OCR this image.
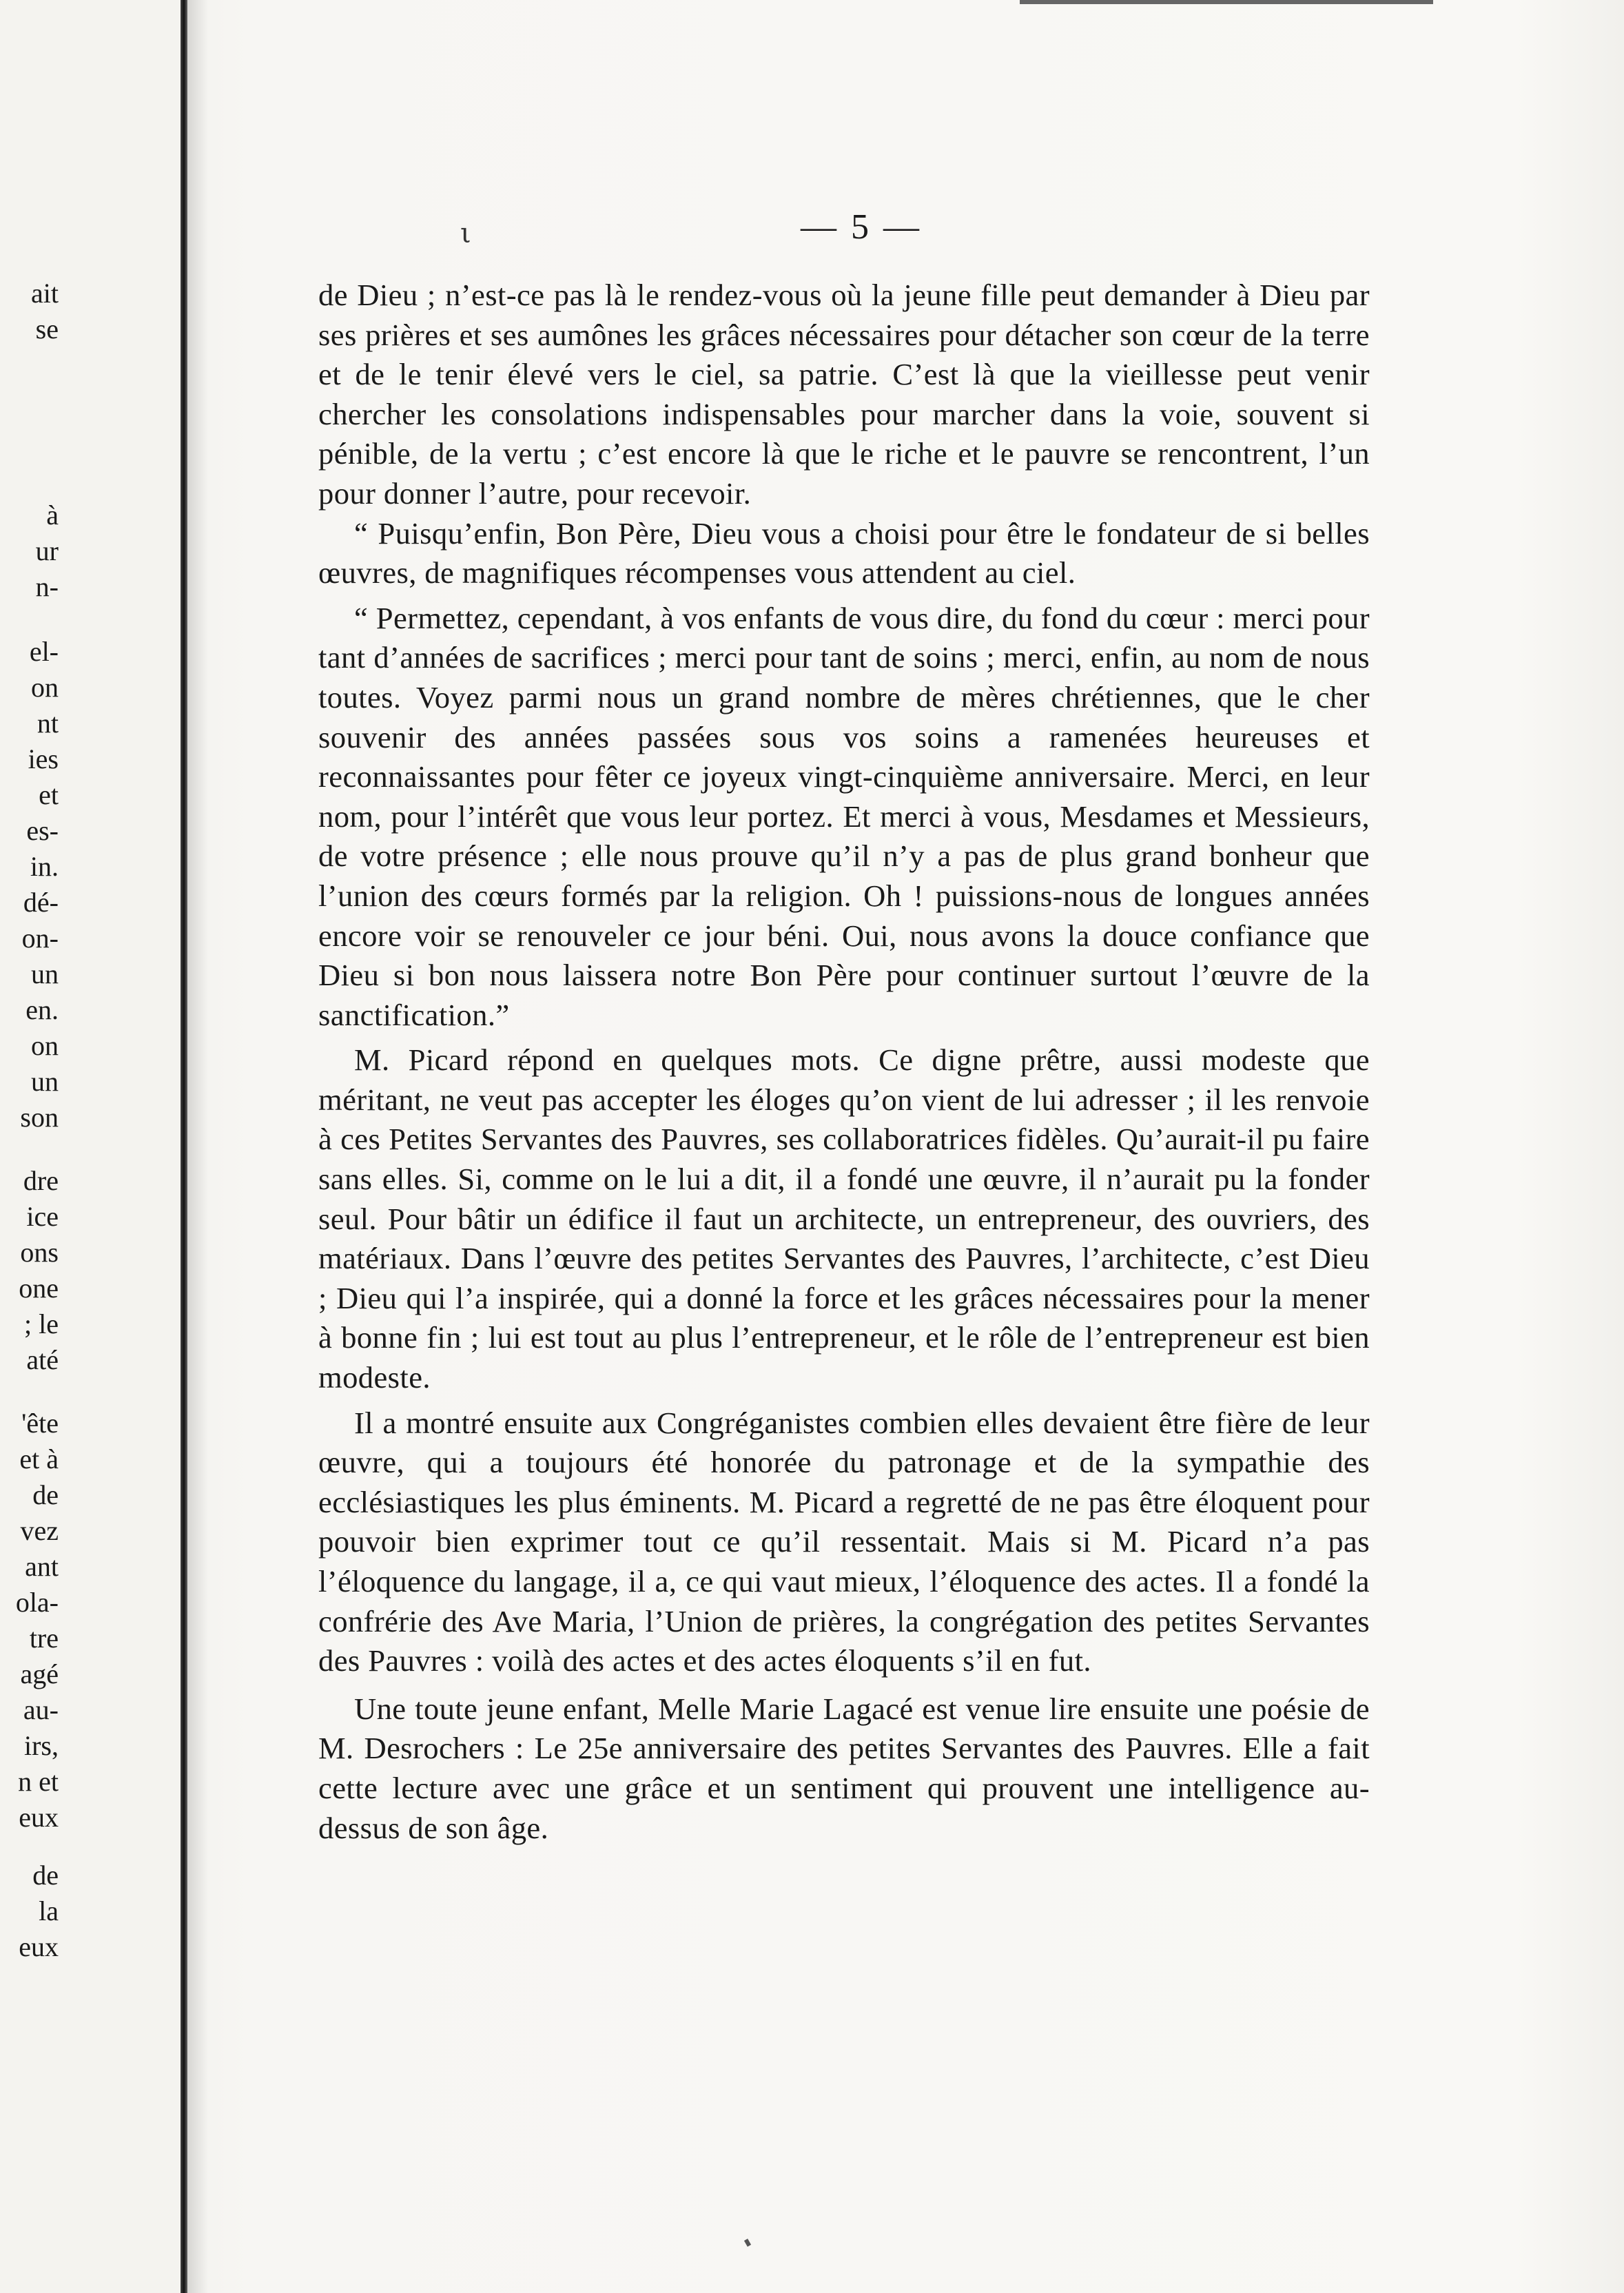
ait
se
à
ur
n-
el-
on
nt
ies
et
es-
in.
dé-
on-
un
en.
on
un
son
dre
ice
ons
one
; le
até
'ête
et à
de
vez
ant
ola-
tre
agé
au-
irs,
n et
eux
de
la
eux
ι	— 5 —

de Dieu ; n’est-ce pas là le rendez-vous où la jeune fille peut demander à Dieu par ses prières et ses aumônes les grâces nécessaires pour détacher son cœur de la terre et de le tenir élevé vers le ciel, sa patrie. C’est là que la vieillesse peut venir chercher les consolations indispensables pour marcher dans la voie, souvent si pénible, de la vertu ; c’est encore là que le riche et le pauvre se rencontrent, l’un pour donner l’autre, pour recevoir.

“ Puisqu’enfin, Bon Père, Dieu vous a choisi pour être le fondateur de si belles œuvres, de magnifiques récompenses vous attendent au ciel.

“ Permettez, cependant, à vos enfants de vous dire, du fond du cœur : merci pour tant d’années de sacrifices ; merci pour tant de soins ; merci, enfin, au nom de nous toutes. Voyez parmi nous un grand nombre de mères chrétiennes, que le cher souvenir des années passées sous vos soins a ramenées heureuses et reconnaissantes pour fêter ce joyeux vingt-cinquième anniversaire. Merci, en leur nom, pour l’intérêt que vous leur portez. Et merci à vous, Mesdames et Messieurs, de votre présence ; elle nous prouve qu’il n’y a pas de plus grand bonheur que l’union des cœurs formés par la religion. Oh ! puissions-nous de longues années encore voir se renouveler ce jour béni. Oui, nous avons la douce confiance que Dieu si bon nous laissera notre Bon Père pour continuer surtout l’œuvre de la sanctification.”

M. Picard répond en quelques mots. Ce digne prêtre, aussi modeste que méritant, ne veut pas accepter les éloges qu’on vient de lui adresser ; il les renvoie à ces Petites Servantes des Pauvres, ses collaboratrices fidèles. Qu’aurait-il pu faire sans elles. Si, comme on le lui a dit, il a fondé une œuvre, il n’aurait pu la fonder seul. Pour bâtir un édifice il faut un architecte, un entrepreneur, des ouvriers, des matériaux. Dans l’œuvre des petites Servantes des Pauvres, l’architecte, c’est Dieu ; Dieu qui l’a inspirée, qui a donné la force et les grâces nécessaires pour la mener à bonne fin ; lui est tout au plus l’entrepreneur, et le rôle de l’entrepreneur est bien modeste.

Il a montré ensuite aux Congréganistes combien elles devaient être fière de leur œuvre, qui a toujours été honorée du patronage et de la sympathie des ecclésiastiques les plus éminents. M. Picard a regretté de ne pas être éloquent pour pouvoir bien exprimer tout ce qu’il ressentait. Mais si M. Picard n’a pas l’éloquence du langage, il a, ce qui vaut mieux, l’éloquence des actes. Il a fondé la confrérie des Ave Maria, l’Union de prières, la congrégation des petites Servantes des Pauvres : voilà des actes et des actes éloquents s’il en fut.

Une toute jeune enfant, Melle Marie Lagacé est venue lire ensuite une poésie de M. Desrochers : Le 25e anniversaire des petites Servantes des Pauvres. Elle a fait cette lecture avec une grâce et un sentiment qui prouvent une intelligence au-dessus de son âge.
